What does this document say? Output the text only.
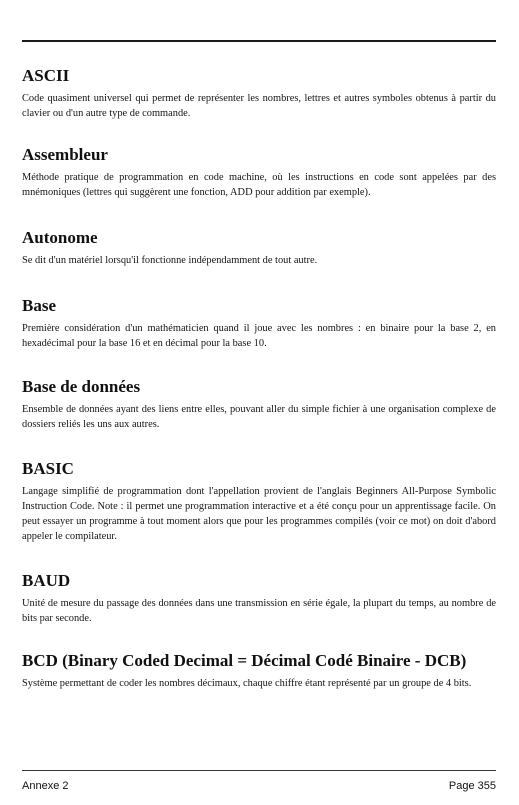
ASCII

Code quasiment universel qui permet de représenter les nombres, lettres et autres symboles obtenus à partir du clavier ou d'un autre type de commande.

Assembleur

Méthode pratique de programmation en code machine, où les instructions en code sont appelées par des mnémoniques (lettres qui suggèrent une fonction, ADD pour addition par exemple).

Autonome

Se dit d'un matériel lorsqu'il fonctionne indépendamment de tout autre.

Base

Première considération d'un mathématicien quand il joue avec les nombres : en binaire pour la base 2, en hexadécimal pour la base 16 et en décimal pour la base 10.

Base de données

Ensemble de données ayant des liens entre elles, pouvant aller du simple fichier à une organisation complexe de dossiers reliés les uns aux autres.

BASIC

Langage simplifié de programmation dont l'appellation provient de l'anglais Beginners All-Purpose Symbolic Instruction Code. Note : il permet une programmation interactive et a été conçu pour un apprentissage facile. On peut essayer un programme à tout moment alors que pour les programmes compilés (voir ce mot) on doit d'abord appeler le compilateur.

BAUD

Unité de mesure du passage des données dans une transmission en série égale, la plupart du temps, au nombre de bits par seconde.

BCD (Binary Coded Decimal = Décimal Codé Binaire - DCB)

Système permettant de coder les nombres décimaux, chaque chiffre étant représenté par un groupe de 4 bits.

Annexe 2	Page 355
